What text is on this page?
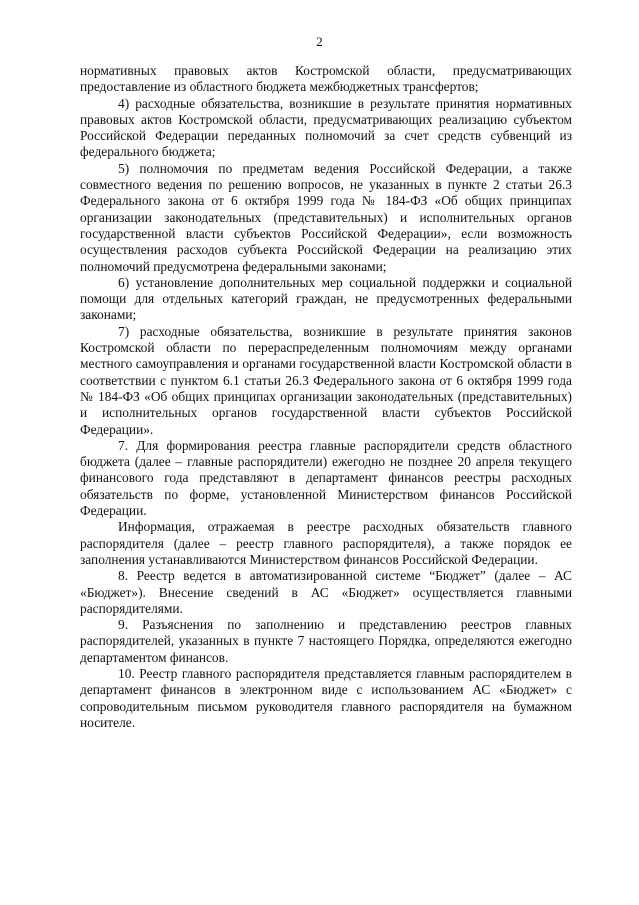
2

нормативных правовых актов Костромской области, предусматривающих предоставление из областного бюджета межбюджетных трансфертов;

4) расходные обязательства, возникшие в результате принятия нормативных правовых актов Костромской области, предусматривающих реализацию субъектом Российской Федерации переданных полномочий за счет средств субвенций из федерального бюджета;

5) полномочия по предметам ведения Российской Федерации, а также совместного ведения по решению вопросов, не указанных в пункте 2 статьи 26.3 Федерального закона от 6 октября 1999 года № 184-ФЗ «Об общих принципах организации законодательных (представительных) и исполнительных органов государственной власти субъектов Российской Федерации», если возможность осуществления расходов субъекта Российской Федерации на реализацию этих полномочий предусмотрена федеральными законами;

6) установление дополнительных мер социальной поддержки и социальной помощи для отдельных категорий граждан, не предусмотренных федеральными законами;

7) расходные обязательства, возникшие в результате принятия законов Костромской области по перераспределенным полномочиям между органами местного самоуправления и органами государственной власти Костромской области в соответствии с пунктом 6.1 статьи 26.3 Федерального закона от 6 октября 1999 года № 184-ФЗ «Об общих принципах организации законодательных (представительных) и исполнительных органов государственной власти субъектов Российской Федерации».

7. Для формирования реестра главные распорядители средств областного бюджета (далее – главные распорядители) ежегодно не позднее 20 апреля текущего финансового года представляют в департамент финансов реестры расходных обязательств по форме, установленной Министерством финансов Российской Федерации.

Информация, отражаемая в реестре расходных обязательств главного распорядителя (далее – реестр главного распорядителя), а также порядок ее заполнения устанавливаются Министерством финансов Российской Федерации.

8. Реестр ведется в автоматизированной системе “Бюджет” (далее – АС «Бюджет»). Внесение сведений в АС «Бюджет» осуществляется главными распорядителями.

9. Разъяснения по заполнению и представлению реестров главных распорядителей, указанных в пункте 7 настоящего Порядка, определяются ежегодно департаментом финансов.

10. Реестр главного распорядителя представляется главным распорядителем в департамент финансов в электронном виде с использованием АС «Бюджет» с сопроводительным письмом руководителя главного распорядителя на бумажном носителе.
